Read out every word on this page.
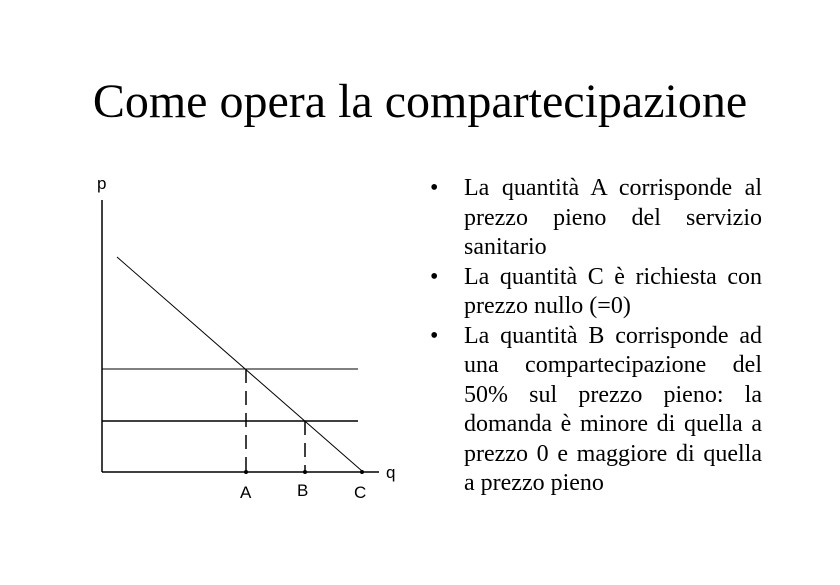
Come opera la compartecipazione
p
q
A	B	C
• La quantità A corrisponde al prezzo pieno del servizio sanitario
• La quantità C è richiesta con prezzo nullo (=0)
• La quantità B corrisponde ad una compartecipazione del 50% sul prezzo pieno: la domanda è minore di quella a prezzo 0 e maggiore di quella a prezzo pieno
